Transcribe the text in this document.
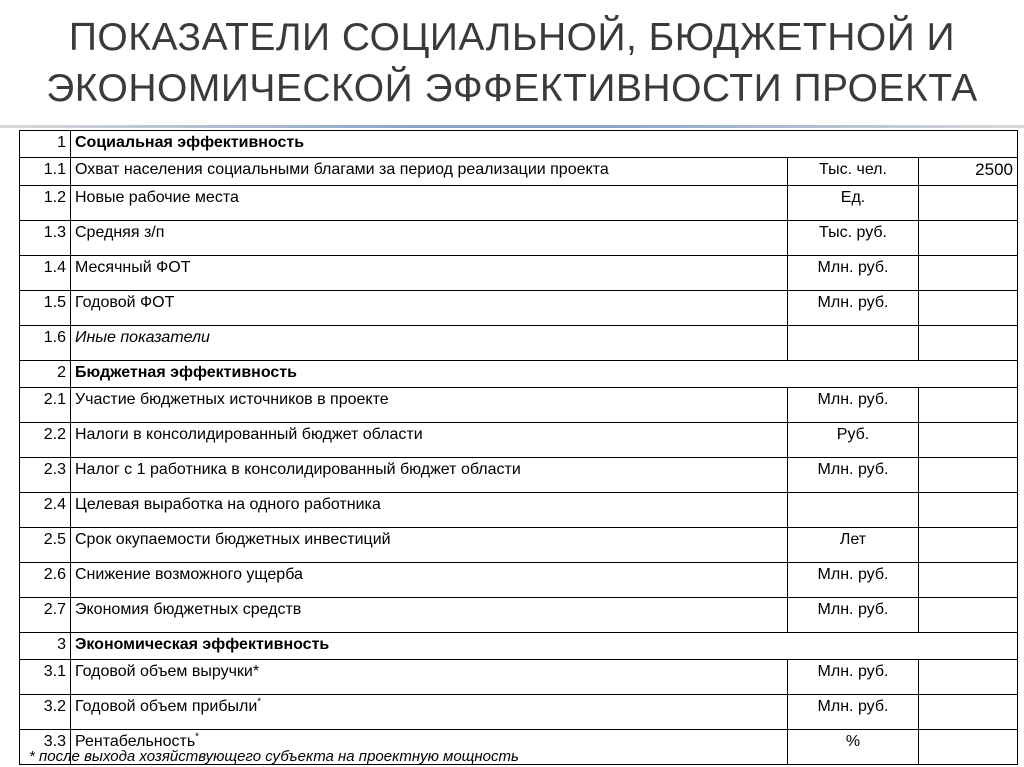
ПОКАЗАТЕЛИ СОЦИАЛЬНОЙ, БЮДЖЕТНОЙ И
ЭКОНОМИЧЕСКОЙ ЭФФЕКТИВНОСТИ ПРОЕКТА
1	Социальная эффективность		
1.1	Охват населения социальными благами за период реализации проекта	Тыс. чел.	2500
1.2	Новые рабочие места	Ед.	
1.3	Средняя з/п	Тыс. руб.	
1.4	Месячный ФОТ	Млн. руб.	
1.5	Годовой ФОТ	Млн. руб.	
1.6	Иные показатели		
2	Бюджетная эффективность		
2.1	Участие бюджетных источников в проекте	Млн. руб.	
2.2	Налоги в консолидированный бюджет области	Руб.	
2.3	Налог с 1 работника в консолидированный бюджет области	Млн. руб.	
2.4	Целевая выработка на одного работника		
2.5	Срок окупаемости бюджетных инвестиций	Лет	
2.6	Снижение возможного ущерба	Млн. руб.	
2.7	Экономия бюджетных средств	Млн. руб.	
3	Экономическая эффективность		
3.1	Годовой объем выручки*	Млн. руб.	
3.2	Годовой объем прибыли*	Млн. руб.	
3.3	Рентабельность*	%	
* после выхода хозяйствующего субъекта на проектную мощность
